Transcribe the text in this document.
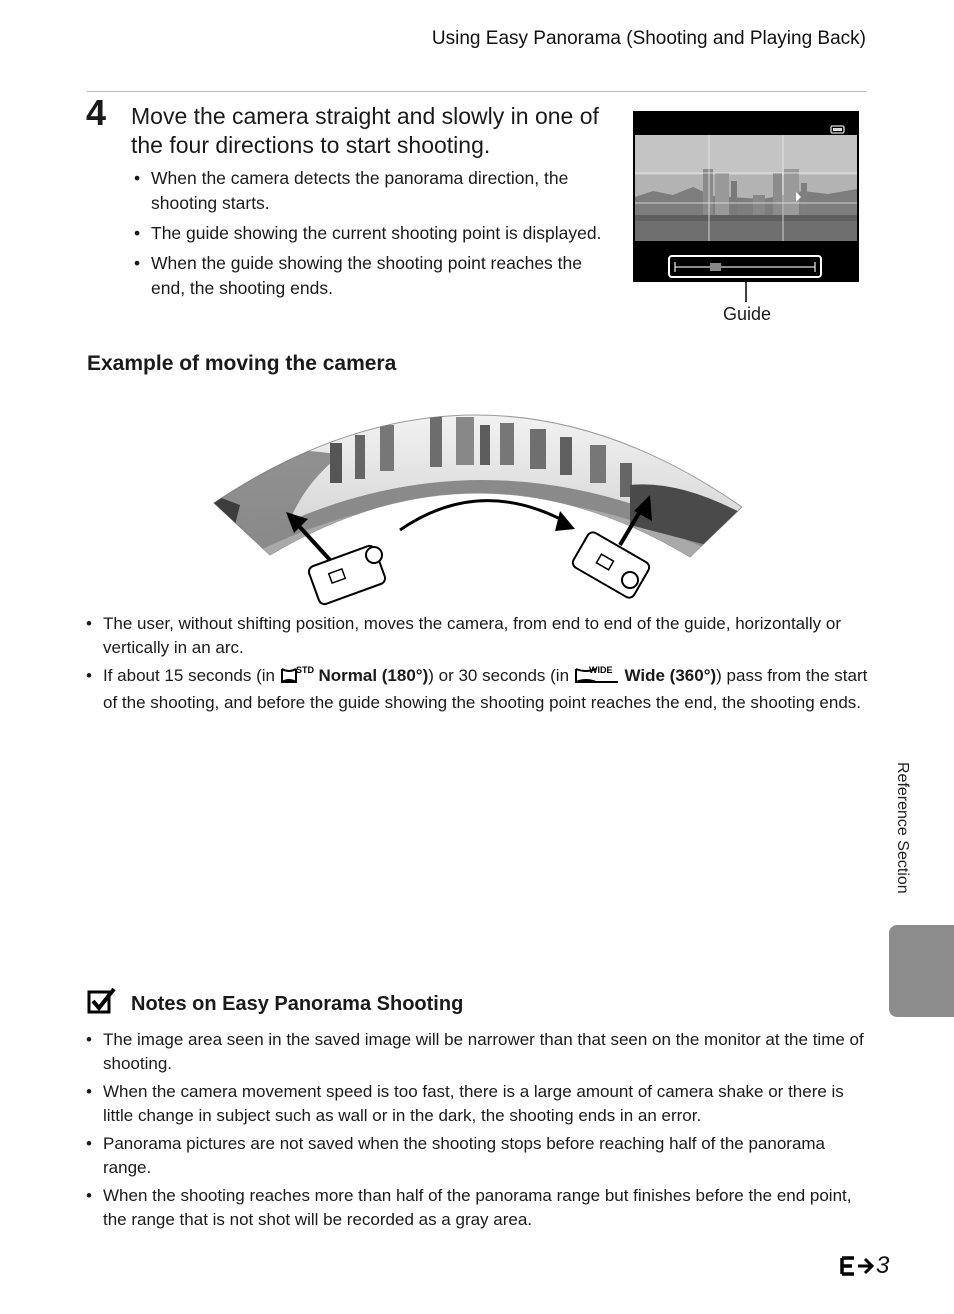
Using Easy Panorama (Shooting and Playing Back)
4 Move the camera straight and slowly in one of the four directions to start shooting.
• When the camera detects the panorama direction, the shooting starts.
• The guide showing the current shooting point is displayed.
• When the guide showing the shooting point reaches the end, the shooting ends.
Guide
Example of moving the camera
• The user, without shifting position, moves the camera, from end to end of the guide, horizontally or vertically in an arc.
• If about 15 seconds (in STD Normal (180°)) or 30 seconds (in WIDE Wide (360°)) pass from the start of the shooting, and before the guide showing the shooting point reaches the end, the shooting ends.
Reference Section
Notes on Easy Panorama Shooting
• The image area seen in the saved image will be narrower than that seen on the monitor at the time of shooting.
• When the camera movement speed is too fast, there is a large amount of camera shake or there is little change in subject such as wall or in the dark, the shooting ends in an error.
• Panorama pictures are not saved when the shooting stops before reaching half of the panorama range.
• When the shooting reaches more than half of the panorama range but finishes before the end point, the range that is not shot will be recorded as a gray area.
3
